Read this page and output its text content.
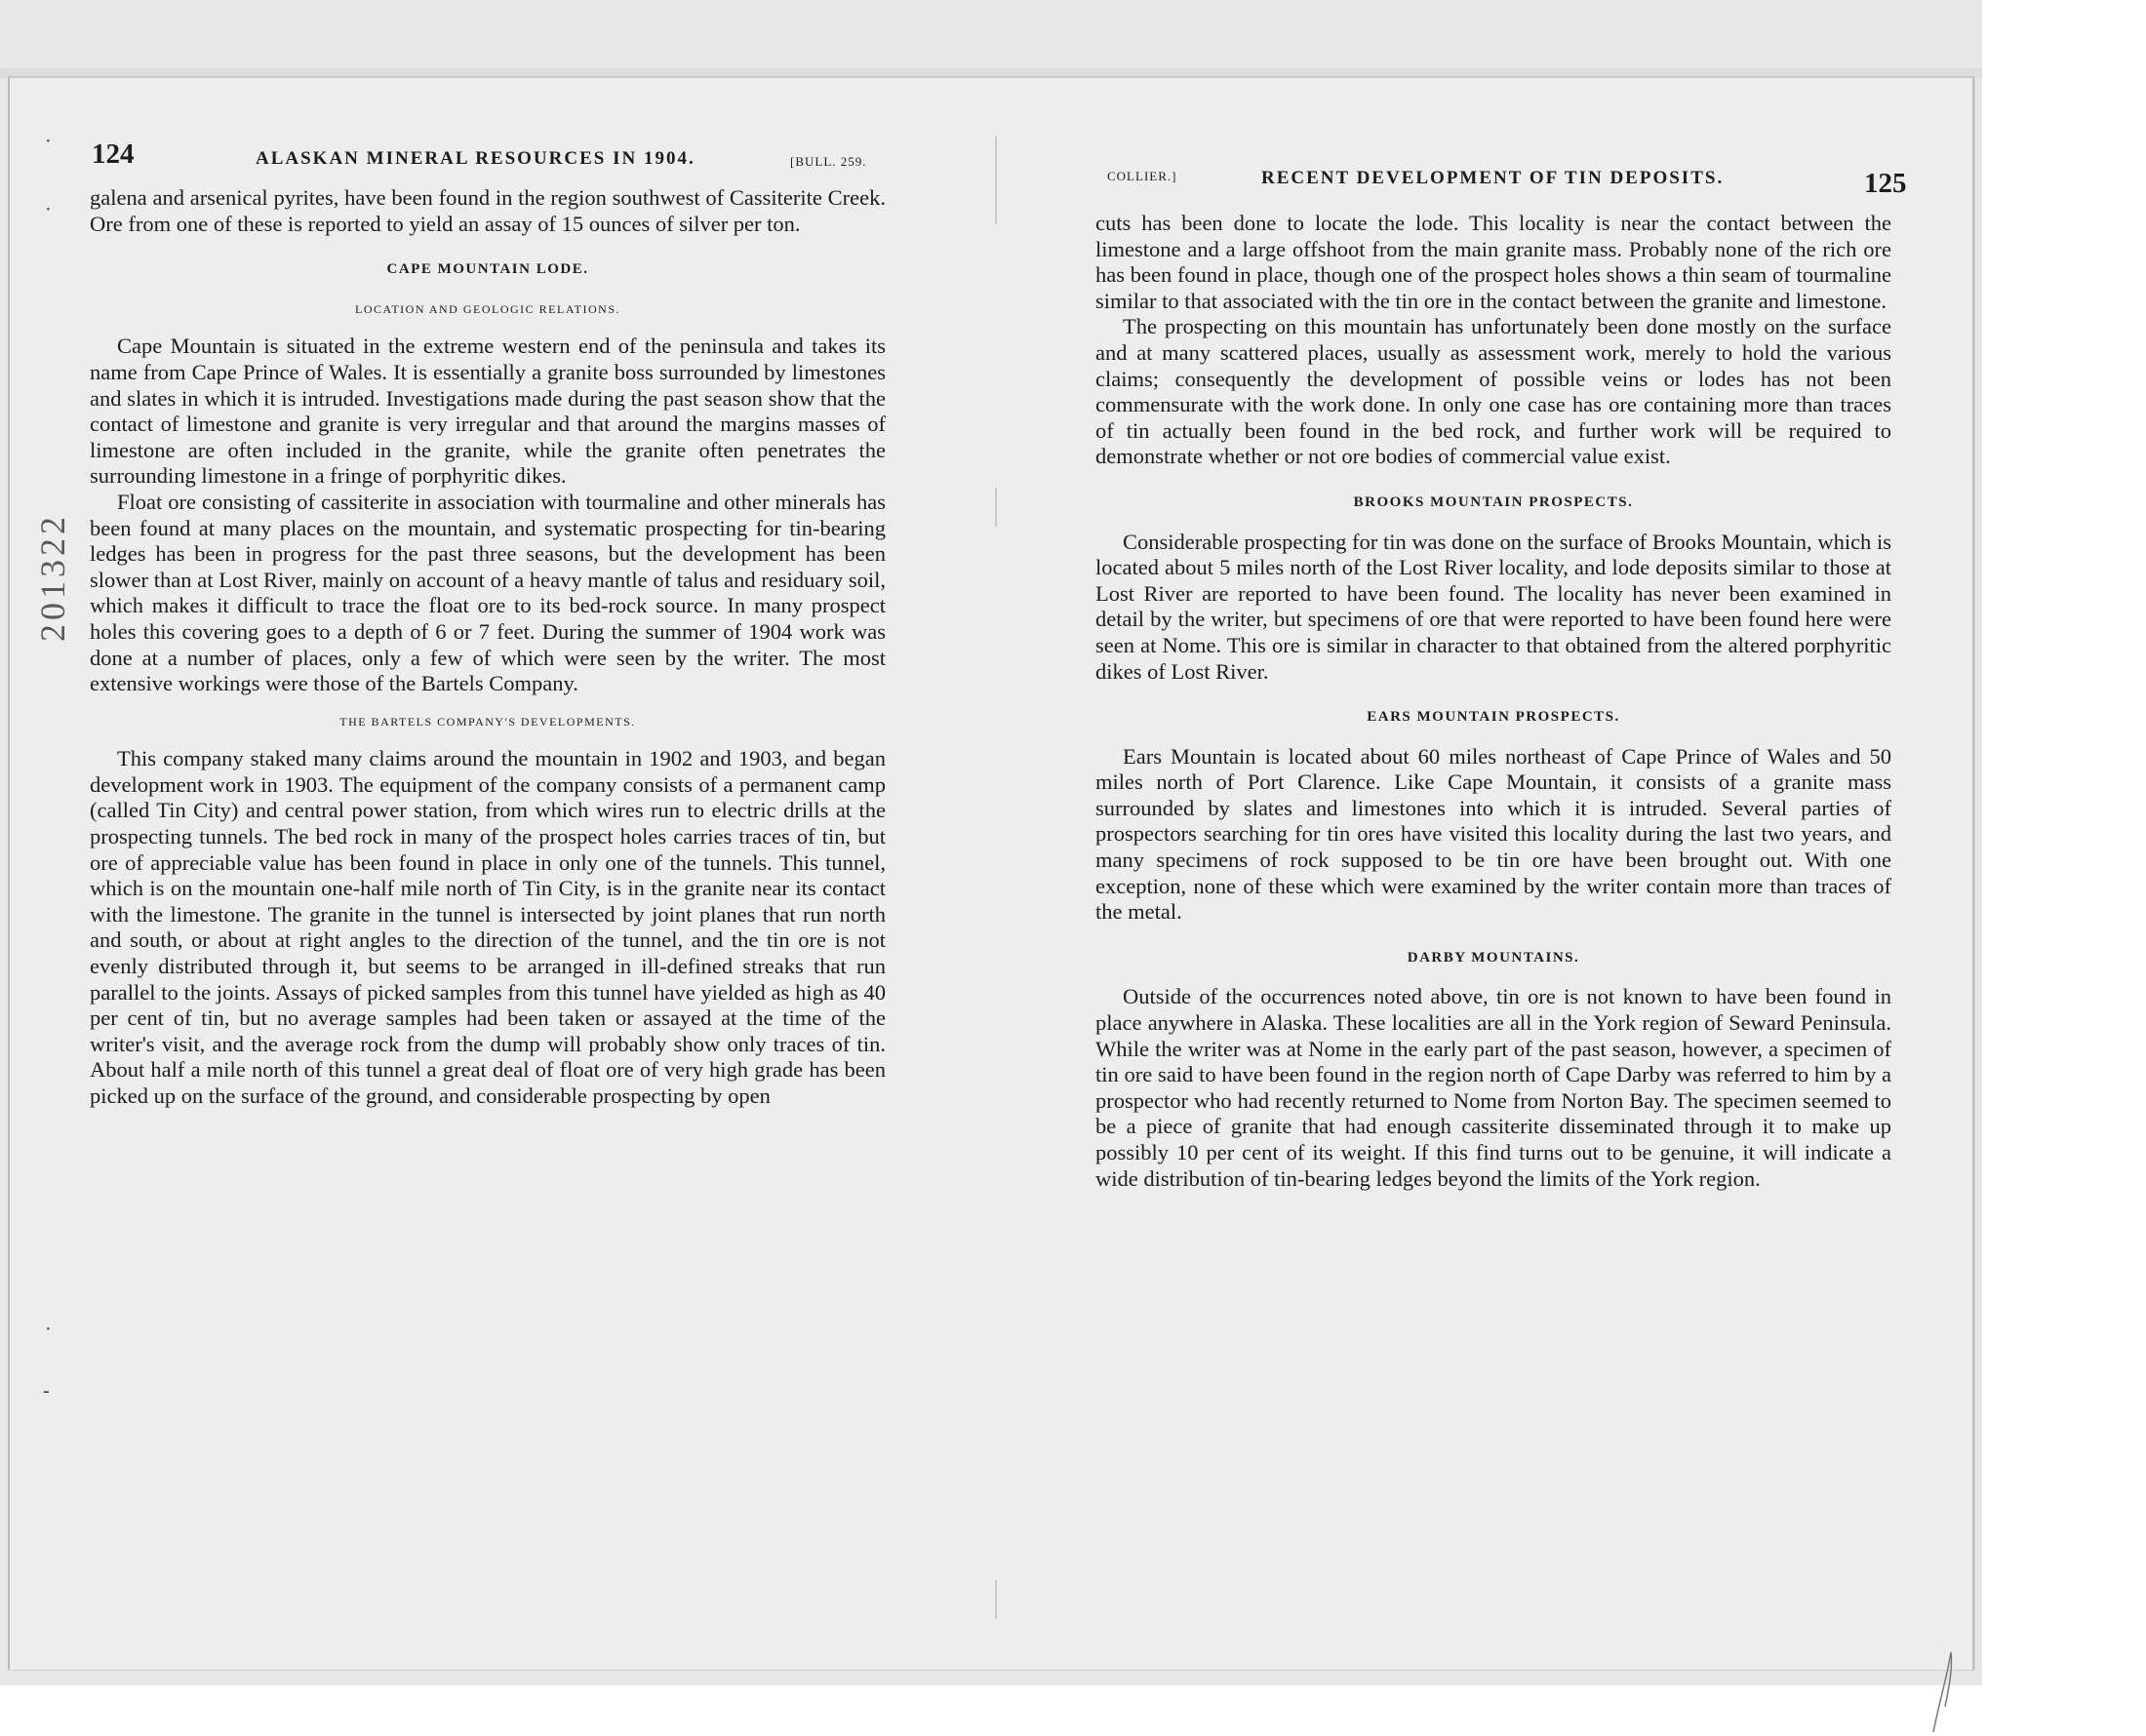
·
·
·
-
124	ALASKAN MINERAL RESOURCES IN 1904.	[BULL. 259.
201322

galena and arsenical pyrites, have been found in the region southwest of Cassiterite Creek. Ore from one of these is reported to yield an assay of 15 ounces of silver per ton.

CAPE MOUNTAIN LODE.
LOCATION AND GEOLOGIC RELATIONS.

Cape Mountain is situated in the extreme western end of the peninsula and takes its name from Cape Prince of Wales. It is essentially a granite boss surrounded by limestones and slates in which it is intruded. Investigations made during the past season show that the contact of limestone and granite is very irregular and that around the margins masses of limestone are often included in the granite, while the granite often penetrates the surrounding limestone in a fringe of porphyritic dikes.

Float ore consisting of cassiterite in association with tourmaline and other minerals has been found at many places on the mountain, and systematic prospecting for tin-bearing ledges has been in progress for the past three seasons, but the development has been slower than at Lost River, mainly on account of a heavy mantle of talus and residuary soil, which makes it difficult to trace the float ore to its bed-rock source. In many prospect holes this covering goes to a depth of 6 or 7 feet. During the summer of 1904 work was done at a number of places, only a few of which were seen by the writer. The most extensive workings were those of the Bartels Company.

THE BARTELS COMPANY'S DEVELOPMENTS.

This company staked many claims around the mountain in 1902 and 1903, and began development work in 1903. The equipment of the company consists of a permanent camp (called Tin City) and central power station, from which wires run to electric drills at the prospecting tunnels. The bed rock in many of the prospect holes carries traces of tin, but ore of appreciable value has been found in place in only one of the tunnels. This tunnel, which is on the mountain one-half mile north of Tin City, is in the granite near its contact with the limestone. The granite in the tunnel is intersected by joint planes that run north and south, or about at right angles to the direction of the tunnel, and the tin ore is not evenly distributed through it, but seems to be arranged in ill-defined streaks that run parallel to the joints. Assays of picked samples from this tunnel have yielded as high as 40 per cent of tin, but no average samples had been taken or assayed at the time of the writer's visit, and the average rock from the dump will probably show only traces of tin. About half a mile north of this tunnel a great deal of float ore of very high grade has been picked up on the surface of the ground, and considerable prospecting by open

COLLIER.]	RECENT DEVELOPMENT OF TIN DEPOSITS.	125

cuts has been done to locate the lode. This locality is near the contact between the limestone and a large offshoot from the main granite mass. Probably none of the rich ore has been found in place, though one of the prospect holes shows a thin seam of tourmaline similar to that associated with the tin ore in the contact between the granite and limestone.

The prospecting on this mountain has unfortunately been done mostly on the surface and at many scattered places, usually as assessment work, merely to hold the various claims; consequently the development of possible veins or lodes has not been commensurate with the work done. In only one case has ore containing more than traces of tin actually been found in the bed rock, and further work will be required to demonstrate whether or not ore bodies of commercial value exist.

BROOKS MOUNTAIN PROSPECTS.

Considerable prospecting for tin was done on the surface of Brooks Mountain, which is located about 5 miles north of the Lost River locality, and lode deposits similar to those at Lost River are reported to have been found. The locality has never been examined in detail by the writer, but specimens of ore that were reported to have been found here were seen at Nome. This ore is similar in character to that obtained from the altered porphyritic dikes of Lost River.

EARS MOUNTAIN PROSPECTS.

Ears Mountain is located about 60 miles northeast of Cape Prince of Wales and 50 miles north of Port Clarence. Like Cape Mountain, it consists of a granite mass surrounded by slates and limestones into which it is intruded. Several parties of prospectors searching for tin ores have visited this locality during the last two years, and many specimens of rock supposed to be tin ore have been brought out. With one exception, none of these which were examined by the writer contain more than traces of the metal.

DARBY MOUNTAINS.

Outside of the occurrences noted above, tin ore is not known to have been found in place anywhere in Alaska. These localities are all in the York region of Seward Peninsula. While the writer was at Nome in the early part of the past season, however, a specimen of tin ore said to have been found in the region north of Cape Darby was referred to him by a prospector who had recently returned to Nome from Norton Bay. The specimen seemed to be a piece of granite that had enough cassiterite disseminated through it to make up possibly 10 per cent of its weight. If this find turns out to be genuine, it will indicate a wide distribution of tin-bearing ledges beyond the limits of the York region.
